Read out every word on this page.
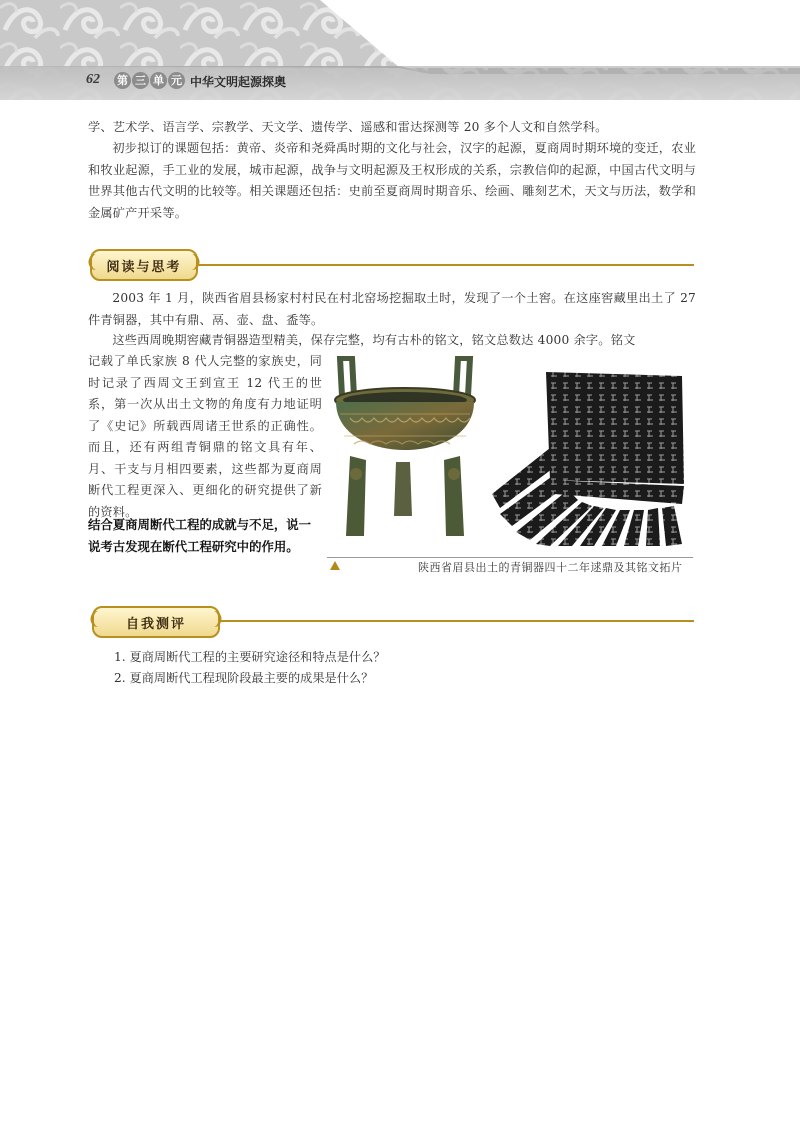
62 第 三 单 元 中华文明起源探奥
学、艺术学、语言学、宗教学、天文学、遗传学、遥感和雷达探测等 20 多个人文和自然学科。
初步拟订的课题包括：黄帝、炎帝和尧舜禹时期的文化与社会，汉字的起源，夏商周时期环境的变迁，农业和牧业起源，手工业的发展，城市起源，战争与文明起源及王权形成的关系，宗教信仰的起源，中国古代文明与世界其他古代文明的比较等。相关课题还包括：史前至夏商周时期音乐、绘画、雕刻艺术，天文与历法，数学和金属矿产开采等。
阅读与思考
2003 年 1 月，陕西省眉县杨家村村民在村北窑场挖掘取土时，发现了一个土窖。在这座窖藏里出土了 27 件青铜器，其中有鼎、鬲、壶、盘、盉等。
这些西周晚期窖藏青铜器造型精美，保存完整，均有古朴的铭文，铭文总数达 4000 余字。铭文
记载了单氏家族 8 代人完整的家族史，同时记录了西周文王到宣王 12 代王的世系，第一次从出土文物的角度有力地证明了《史记》所载西周诸王世系的正确性。而且，还有两组青铜鼎的铭文具有年、月、干支与月相四要素，这些都为夏商周断代工程更深入、更细化的研究提供了新的资料。
结合夏商周断代工程的成就与不足，说一说考古发现在断代工程研究中的作用。
陕西省眉县出土的青铜器四十二年逑鼎及其铭文拓片
自我测评
1. 夏商周断代工程的主要研究途径和特点是什么？
2. 夏商周断代工程现阶段最主要的成果是什么？
